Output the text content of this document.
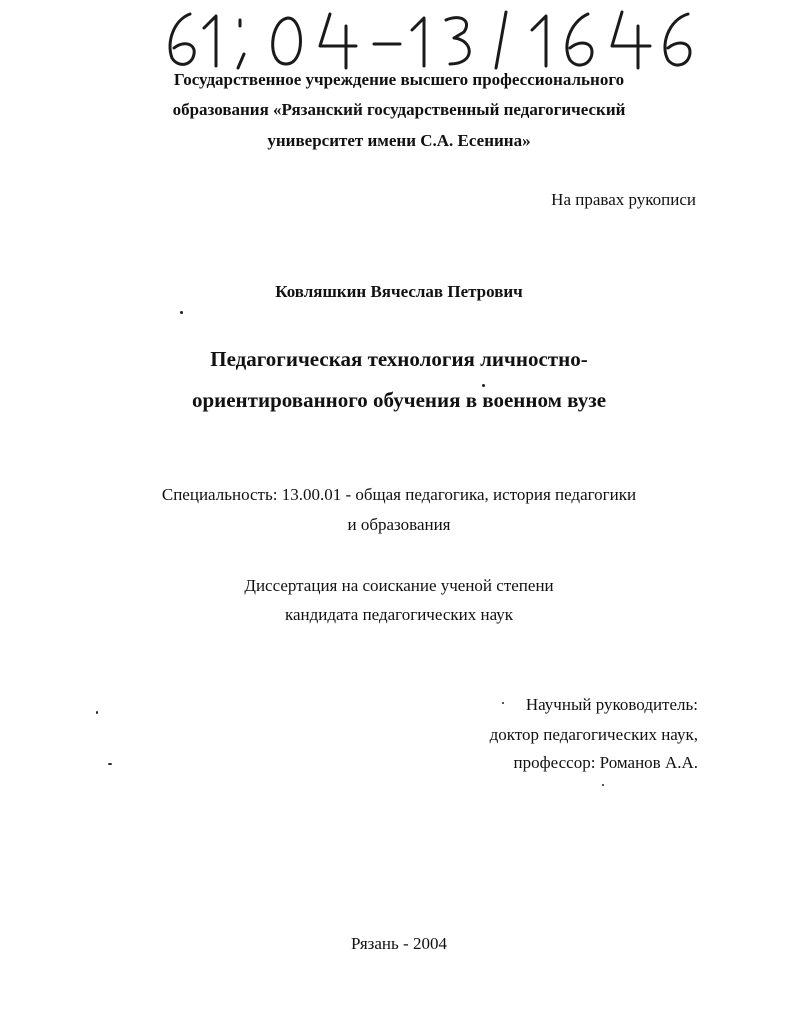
Государственное учреждение высшего профессионального
образования «Рязанский государственный педагогический
университет имени С.А. Есенина»
На правах рукописи
Ковляшкин Вячеслав Петрович
Педагогическая технология личностно-
ориентированного обучения в военном вузе
Специальность: 13.00.01 - общая педагогика, история педагогики
и образования
Диссертация на соискание ученой степени
кандидата педагогических наук
Научный руководитель:
доктор педагогических наук,
профессор: Романов А.А.
Рязань - 2004
